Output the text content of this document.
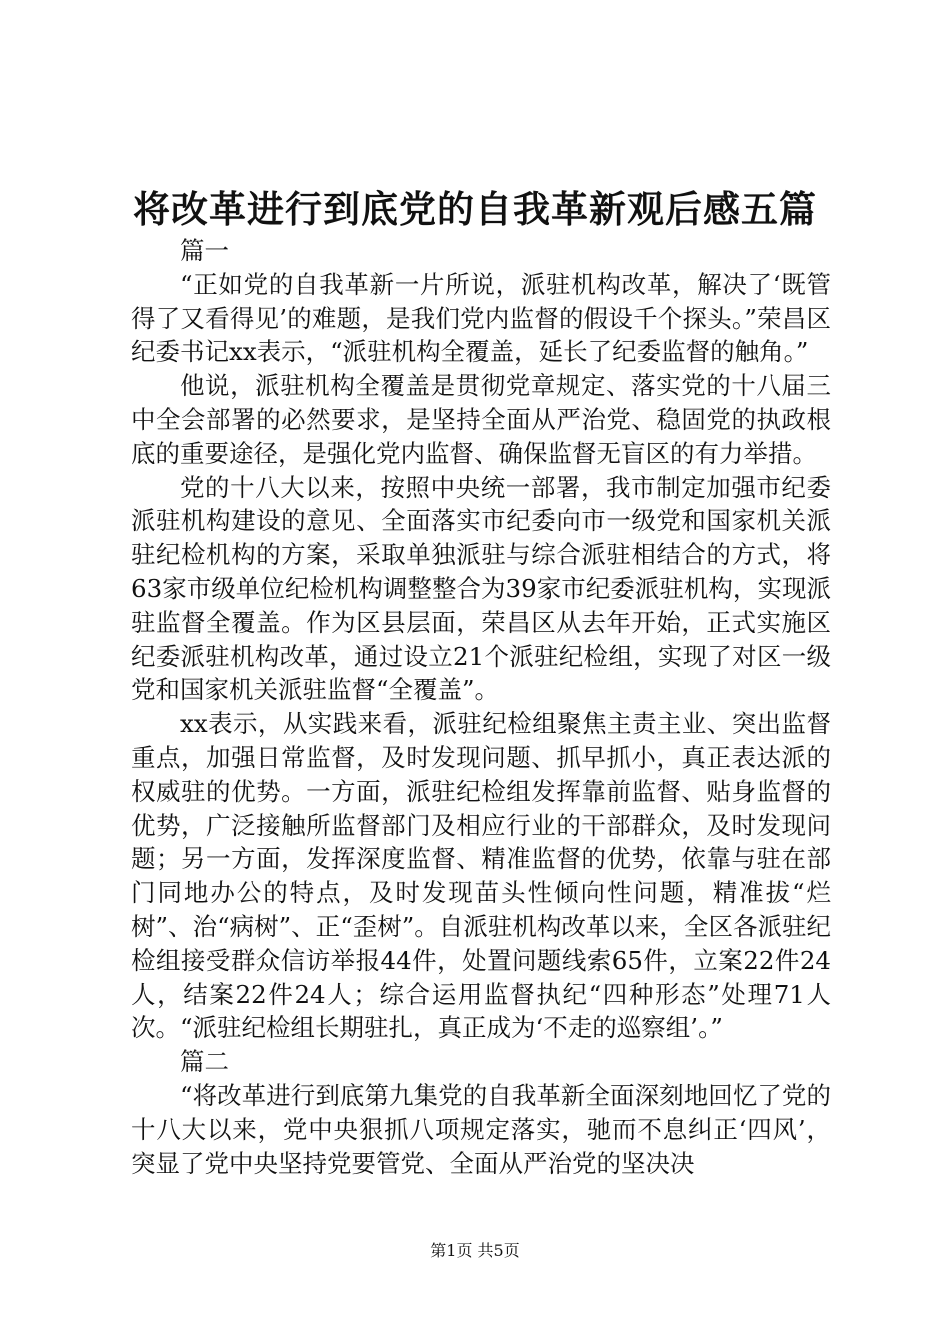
将改革进行到底党的自我革新观后感五篇

篇一

“正如党的自我革新一片所说，派驻机构改革，解决了‘既管得了又看得见’的难题，是我们党内监督的假设千个探头。”荣昌区纪委书记xx表示，“派驻机构全覆盖，延长了纪委监督的触角。”

他说，派驻机构全覆盖是贯彻党章规定、落实党的十八届三中全会部署的必然要求，是坚持全面从严治党、稳固党的执政根底的重要途径，是强化党内监督、确保监督无盲区的有力举措。

党的十八大以来，按照中央统一部署，我市制定加强市纪委派驻机构建设的意见、全面落实市纪委向市一级党和国家机关派驻纪检机构的方案，采取单独派驻与综合派驻相结合的方式，将63家市级单位纪检机构调整整合为39家市纪委派驻机构，实现派驻监督全覆盖。作为区县层面，荣昌区从去年开始，正式实施区纪委派驻机构改革，通过设立21个派驻纪检组，实现了对区一级党和国家机关派驻监督“全覆盖”。

xx表示，从实践来看，派驻纪检组聚焦主责主业、突出监督重点，加强日常监督，及时发现问题、抓早抓小，真正表达派的权威驻的优势。一方面，派驻纪检组发挥靠前监督、贴身监督的优势，广泛接触所监督部门及相应行业的干部群众，及时发现问题；另一方面，发挥深度监督、精准监督的优势，依靠与驻在部门同地办公的特点，及时发现苗头性倾向性问题，精准拔“烂树”、治“病树”、正“歪树”。自派驻机构改革以来，全区各派驻纪检组接受群众信访举报44件，处置问题线索65件，立案22件24人，结案22件24人；综合运用监督执纪“四种形态”处理71人次。“派驻纪检组长期驻扎，真正成为‘不走的巡察组’。”

篇二

“将改革进行到底第九集党的自我革新全面深刻地回忆了党的十八大以来，党中央狠抓八项规定落实，驰而不息纠正‘四风’，突显了党中央坚持党要管党、全面从严治党的坚决决

第1页 共5页
